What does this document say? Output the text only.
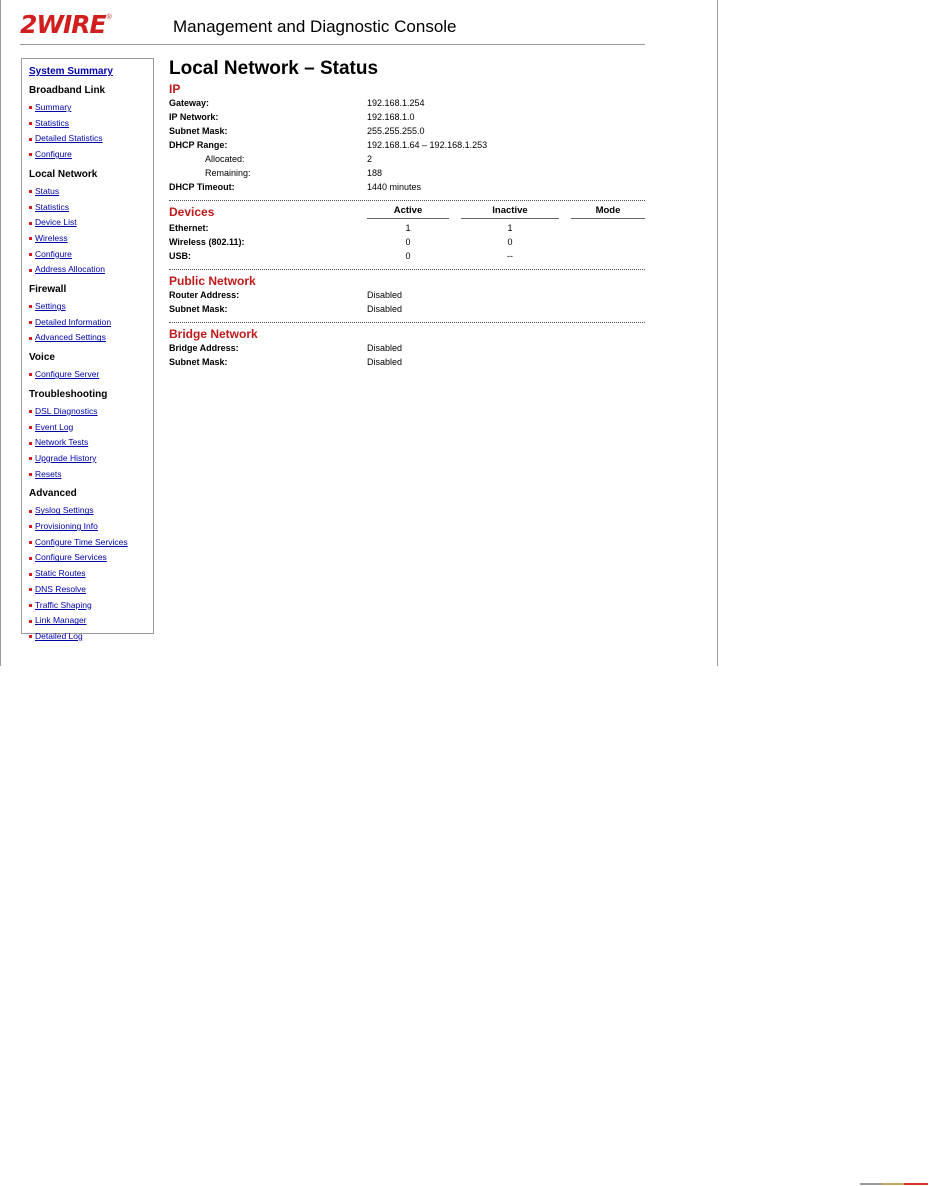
2WIRE ®	Management and Diagnostic Console
System Summary
Broadband Link
Summary
Statistics
Detailed Statistics
Configure
Local Network
Status
Statistics
Device List
Wireless
Configure
Address Allocation
Firewall
Settings
Detailed Information
Advanced Settings
Voice
Configure Server
Troubleshooting
DSL Diagnostics
Event Log
Network Tests
Upgrade History
Resets
Advanced
Syslog Settings
Provisioning Info
Configure Time Services
Configure Services
Static Routes
DNS Resolve
Traffic Shaping
Link Manager
Detailed Log
Local Network – Status
IP
Gateway:	192.168.1.254
IP Network:	192.168.1.0
Subnet Mask:	255.255.255.0
DHCP Range:	192.168.1.64 – 192.168.1.253
Allocated:	2
Remaining:	188
DHCP Timeout:	1440 minutes
Devices	Active	Inactive	Mode
Ethernet:	1	1
Wireless (802.11):	0	0
USB:	0	--
Public Network
Router Address:	Disabled
Subnet Mask:	Disabled
Bridge Network
Bridge Address:	Disabled
Subnet Mask:	Disabled
